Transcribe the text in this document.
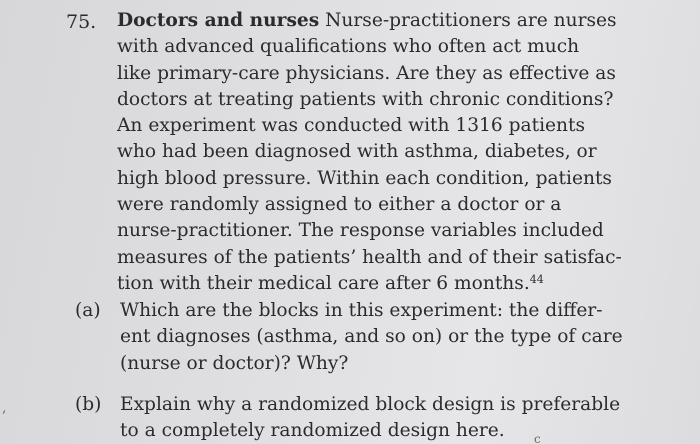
75. Doctors and nurses Nurse-practitioners are nurses
with advanced qualifications who often act much
like primary-care physicians. Are they as effective as
doctors at treating patients with chronic conditions?
An experiment was conducted with 1316 patients
who had been diagnosed with asthma, diabetes, or
high blood pressure. Within each condition, patients
were randomly assigned to either a doctor or a
nurse-practitioner. The response variables included
measures of the patients’ health and of their satisfac-
tion with their medical care after 6 months.$^{44}$
(a) Which are the blocks in this experiment: the differ-
ent diagnoses (asthma, and so on) or the type of care
(nurse or doctor)? Why?
(b) Explain why a randomized block design is preferable
to a completely randomized design here.
,
c
